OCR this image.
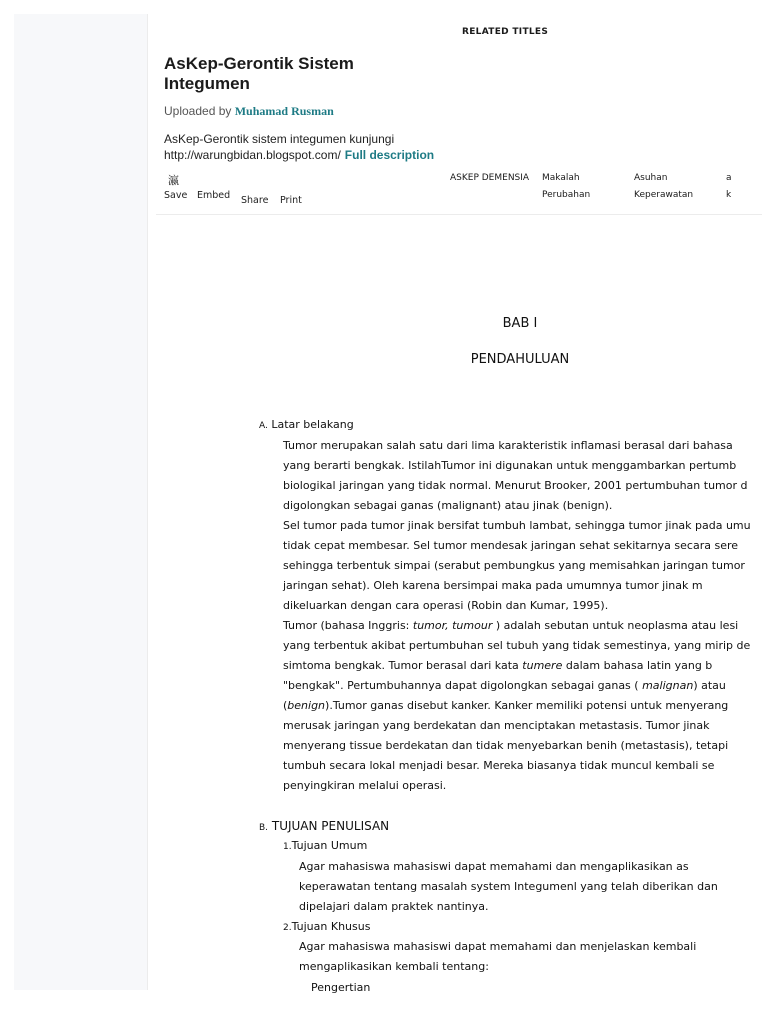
RELATED TITLES
AsKep-Gerontik Sistem
Integumen
Uploaded by Muhamad Rusman
AsKep-Gerontik sistem integumen kunjungi
http://warungbidan.blogspot.com/ Full description
瀛
Save Embed Share Print
ASKEP DEMENSIA Makalah
Perubahan
Asuhan
Keperawatan
a
k
BAB I
PENDAHULUAN
A. Latar belakang
Tumor merupakan salah satu dari lima karakteristik inflamasi berasal dari bahasa
yang berarti bengkak. IstilahTumor ini digunakan untuk menggambarkan pertumb
biologikal jaringan yang tidak normal. Menurut Brooker, 2001 pertumbuhan tumor d
digolongkan sebagai ganas (malignant) atau jinak (benign).
Sel tumor pada tumor jinak bersifat tumbuh lambat, sehingga tumor jinak pada umu
tidak cepat membesar. Sel tumor mendesak jaringan sehat sekitarnya secara sere
sehingga terbentuk simpai (serabut pembungkus yang memisahkan jaringan tumor
jaringan sehat). Oleh karena bersimpai maka pada umumnya tumor jinak m
dikeluarkan dengan cara operasi (Robin dan Kumar, 1995).
Tumor (bahasa Inggris: tumor, tumour ) adalah sebutan untuk neoplasma atau lesi
yang terbentuk akibat pertumbuhan sel tubuh yang tidak semestinya, yang mirip de
simtoma bengkak. Tumor berasal dari kata tumere dalam bahasa latin yang b
"bengkak". Pertumbuhannya dapat digolongkan sebagai ganas ( malignan) atau
(benign).Tumor ganas disebut kanker. Kanker memiliki potensi untuk menyerang
merusak jaringan yang berdekatan dan menciptakan metastasis. Tumor jinak
menyerang tissue berdekatan dan tidak menyebarkan benih (metastasis), tetapi
tumbuh secara lokal menjadi besar. Mereka biasanya tidak muncul kembali se
penyingkiran melalui operasi.
B. TUJUAN PENULISAN
1.Tujuan Umum
Agar mahasiswa mahasiswi dapat memahami dan mengaplikasikan as
keperawatan tentang masalah system Integumenl yang telah diberikan dan
dipelajari dalam praktek nantinya.
2.Tujuan Khusus
Agar mahasiswa mahasiswi dapat memahami dan menjelaskan kembali
mengaplikasikan kembali tentang:
Pengertian
